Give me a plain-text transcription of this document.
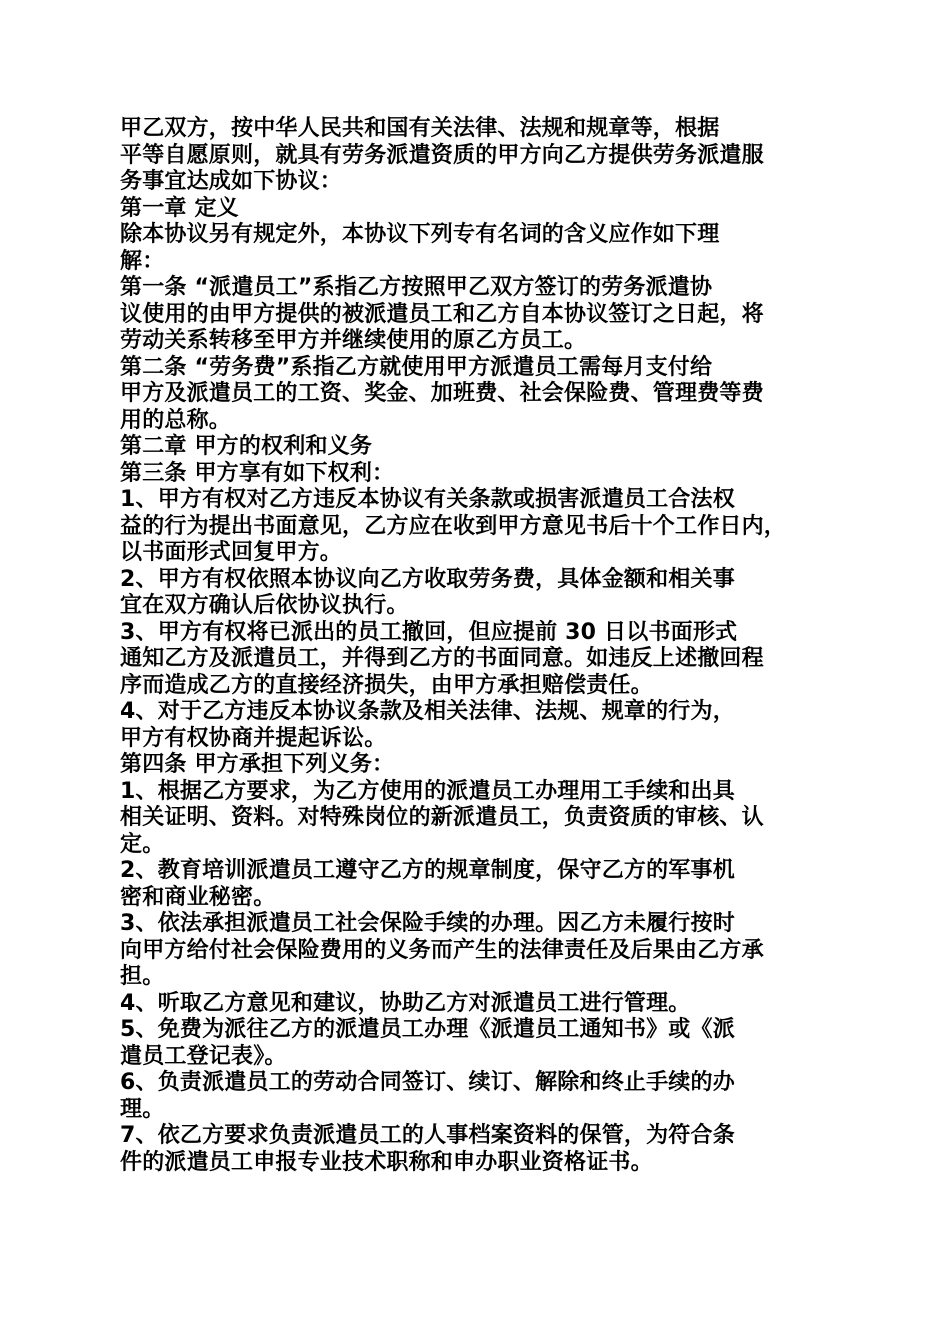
甲乙双方，按中华人民共和国有关法律、法规和规章等，根据
平等自愿原则，就具有劳务派遣资质的甲方向乙方提供劳务派遣服
务事宜达成如下协议：
第一章 定义
除本协议另有规定外，本协议下列专有名词的含义应作如下理
解：
第一条 “派遣员工”系指乙方按照甲乙双方签订的劳务派遣协
议使用的由甲方提供的被派遣员工和乙方自本协议签订之日起，将
劳动关系转移至甲方并继续使用的原乙方员工。
第二条 “劳务费”系指乙方就使用甲方派遣员工需每月支付给
甲方及派遣员工的工资、奖金、加班费、社会保险费、管理费等费
用的总称。
第二章 甲方的权利和义务
第三条 甲方享有如下权利：
1、甲方有权对乙方违反本协议有关条款或损害派遣员工合法权
益的行为提出书面意见，乙方应在收到甲方意见书后十个工作日内，
以书面形式回复甲方。
2、甲方有权依照本协议向乙方收取劳务费，具体金额和相关事
宜在双方确认后依协议执行。
3、甲方有权将已派出的员工撤回，但应提前 30 日以书面形式
通知乙方及派遣员工，并得到乙方的书面同意。如违反上述撤回程
序而造成乙方的直接经济损失，由甲方承担赔偿责任。
4、对于乙方违反本协议条款及相关法律、法规、规章的行为，
甲方有权协商并提起诉讼。
第四条 甲方承担下列义务：
1、根据乙方要求，为乙方使用的派遣员工办理用工手续和出具
相关证明、资料。对特殊岗位的新派遣员工，负责资质的审核、认
定。
2、教育培训派遣员工遵守乙方的规章制度，保守乙方的军事机
密和商业秘密。
3、依法承担派遣员工社会保险手续的办理。因乙方未履行按时
向甲方给付社会保险费用的义务而产生的法律责任及后果由乙方承
担。
4、听取乙方意见和建议，协助乙方对派遣员工进行管理。
5、免费为派往乙方的派遣员工办理《派遣员工通知书》或《派
遣员工登记表》。
6、负责派遣员工的劳动合同签订、续订、解除和终止手续的办
理。
7、依乙方要求负责派遣员工的人事档案资料的保管，为符合条
件的派遣员工申报专业技术职称和申办职业资格证书。
